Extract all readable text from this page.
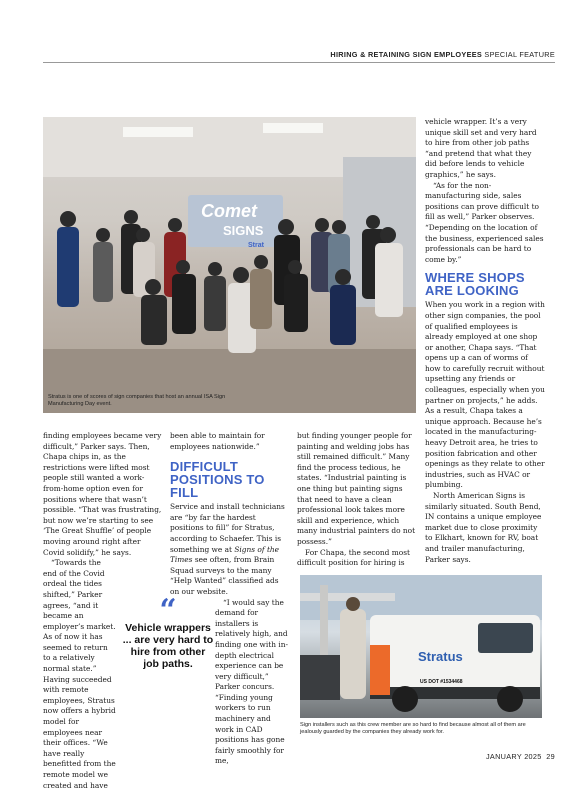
HIRING & RETAINING SIGN EMPLOYEES SPECIAL FEATURE
Comet
SIGNS
Strat
Stratus is one of scores of sign companies that host an annual ISA Sign Manufacturing Day event.

finding employees became very difficult,” Parker says. Then, Chapa chips in, as the restrictions were lifted most people still wanted a work-from-home option even for positions where that wasn’t possible. “That was frustrating, but now we’re starting to see ‘The Great Shuffle’ of people moving around right after Covid solidify,” he says.

“Towards the end of the Covid ordeal the tides shifted,” Parker agrees, “and it became an employer’s market. As of now it has seemed to return to a relatively normal state.” Having succeeded with remote employees, Stratus now offers a hybrid model for employees near their offices. “We have really benefitted from the remote model we created and have

been able to maintain for employees nationwide.”

DIFFICULT POSITIONS TO FILL

Service and install technicians are “by far the hardest positions to fill” for Stratus, according to Schaefer. This is something we at Signs of the Times see often, from Brain Squad surveys to the many “Help Wanted” classified ads on our website.

“I would say the demand for installers is relatively high, and finding one with in-depth electrical experience can be very difficult,” Parker concurs. “Finding young workers to run machinery and work in CAD positions has gone fairly smoothly for me,

“
Vehicle wrappers ... are very hard to hire from other job paths.

but finding younger people for painting and welding jobs has still remained difficult.” Many find the process tedious, he states. “Industrial painting is one thing but painting signs that need to have a clean professional look takes more skill and experience, which many industrial painters do not possess.”

For Chapa, the second most difficult position for hiring is

vehicle wrapper. It’s a very unique skill set and very hard to hire from other job paths “and pretend that what they did before lends to vehicle graphics,” he says.

“As for the non-manufacturing side, sales positions can prove difficult to fill as well,” Parker observes. “Depending on the location of the business, experienced sales professionals can be hard to come by.”

WHERE SHOPS ARE LOOKING

When you work in a region with other sign companies, the pool of qualified employees is already employed at one shop or another, Chapa says. “That opens up a can of worms of how to carefully recruit without upsetting any friends or colleagues, especially when you partner on projects,” he adds. As a result, Chapa takes a unique approach. Because he’s located in the manufacturing-heavy Detroit area, he tries to position fabrication and other openings as they relate to other industries, such as HVAC or plumbing.

North American Signs is similarly situated. South Bend, IN contains a unique employee market due to close proximity to Elkhart, known for RV, boat and trailer manufacturing, Parker says.

Stratus
US DOT #1534468
Sign installers such as this crew member are so hard to find because almost all of them are jealously guarded by the companies they already work for.
JANUARY 2025 29
